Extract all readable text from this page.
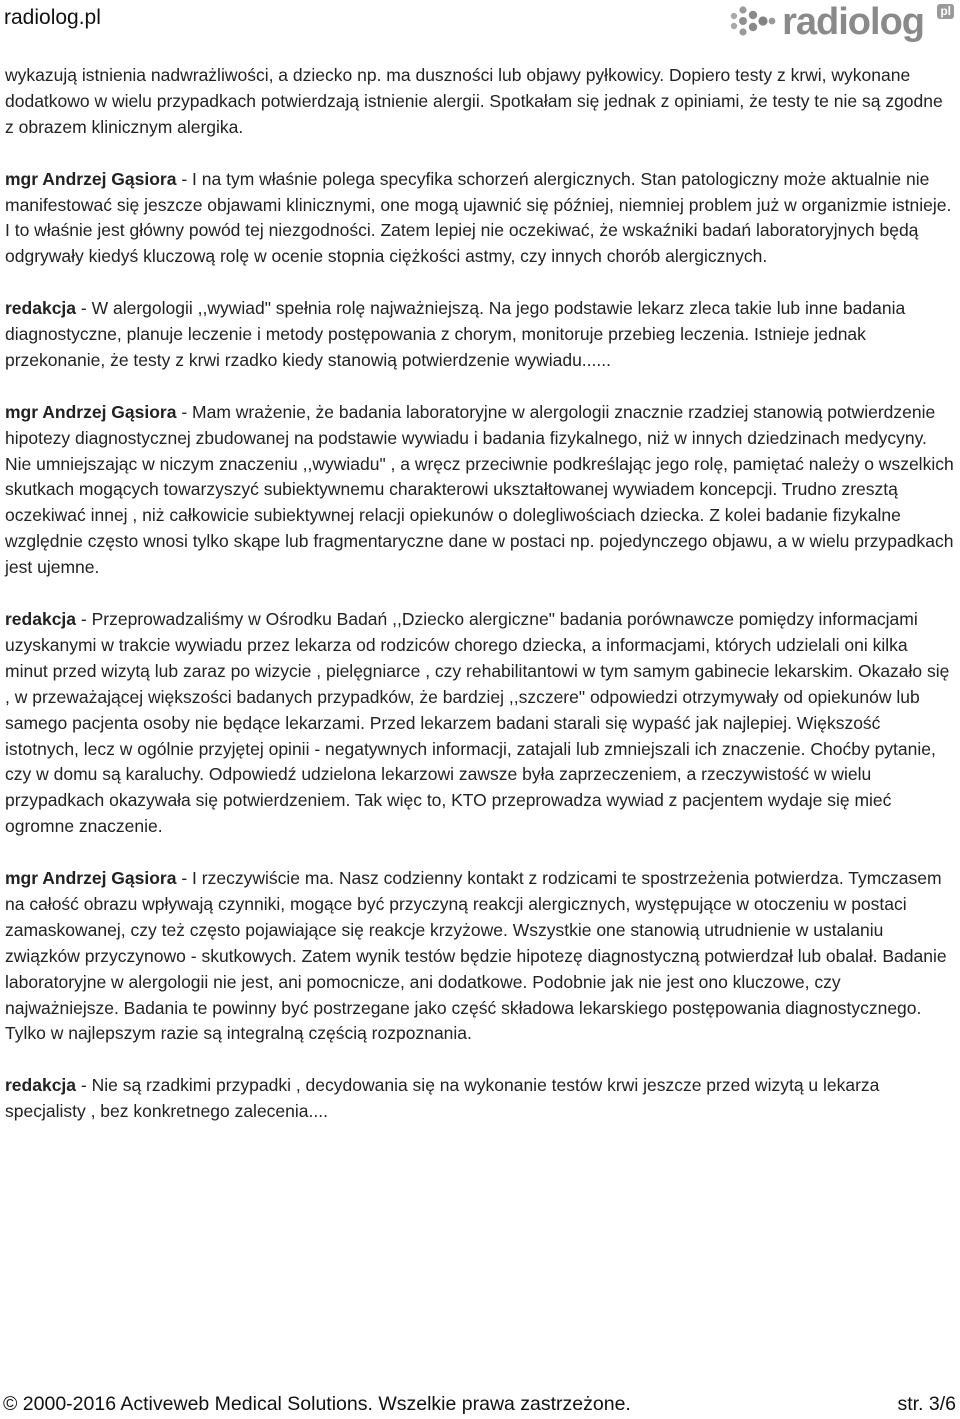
radiolog.pl	radiolog pl

wykazują istnienia nadwrażliwości, a dziecko np. ma duszności lub objawy pyłkowicy. Dopiero testy z krwi, wykonane dodatkowo w wielu przypadkach potwierdzają istnienie alergii. Spotkałam się jednak z opiniami, że testy te nie są zgodne z obrazem klinicznym alergika.

mgr Andrzej Gąsiora - I na tym właśnie polega specyfika schorzeń alergicznych. Stan patologiczny może aktualnie nie manifestować się jeszcze objawami klinicznymi, one mogą ujawnić się później, niemniej problem już w organizmie istnieje. I to właśnie jest główny powód tej niezgodności. Zatem lepiej nie oczekiwać, że wskaźniki badań laboratoryjnych będą odgrywały kiedyś kluczową rolę w ocenie stopnia ciężkości astmy, czy innych chorób alergicznych.

redakcja - W alergologii ,,wywiad" spełnia rolę najważniejszą. Na jego podstawie lekarz zleca takie lub inne badania diagnostyczne, planuje leczenie i metody postępowania z chorym, monitoruje przebieg leczenia. Istnieje jednak przekonanie, że testy z krwi rzadko kiedy stanowią potwierdzenie wywiadu......

mgr Andrzej Gąsiora - Mam wrażenie, że badania laboratoryjne w alergologii znacznie rzadziej stanowią potwierdzenie hipotezy diagnostycznej zbudowanej na podstawie wywiadu i badania fizykalnego, niż w innych dziedzinach medycyny. Nie umniejszając w niczym znaczeniu ,,wywiadu" , a wręcz przeciwnie podkreślając jego rolę, pamiętać należy o wszelkich skutkach mogących towarzyszyć subiektywnemu charakterowi ukształtowanej wywiadem koncepcji. Trudno zresztą oczekiwać innej , niż całkowicie subiektywnej relacji opiekunów o dolegliwościach dziecka. Z kolei badanie fizykalne względnie często wnosi tylko skąpe lub fragmentaryczne dane w postaci np. pojedynczego objawu, a w wielu przypadkach jest ujemne.

redakcja - Przeprowadzaliśmy w Ośrodku Badań ,,Dziecko alergiczne" badania porównawcze pomiędzy informacjami uzyskanymi w trakcie wywiadu przez lekarza od rodziców chorego dziecka, a informacjami, których udzielali oni kilka minut przed wizytą lub zaraz po wizycie , pielęgniarce , czy rehabilitantowi w tym samym gabinecie lekarskim. Okazało się , w przeważającej większości badanych przypadków, że bardziej ,,szczere" odpowiedzi otrzymywały od opiekunów lub samego pacjenta osoby nie będące lekarzami. Przed lekarzem badani starali się wypaść jak najlepiej. Większość istotnych, lecz w ogólnie przyjętej opinii - negatywnych informacji, zatajali lub zmniejszali ich znaczenie. Choćby pytanie, czy w domu są karaluchy. Odpowiedź udzielona lekarzowi zawsze była zaprzeczeniem, a rzeczywistość w wielu przypadkach okazywała się potwierdzeniem. Tak więc to, KTO przeprowadza wywiad z pacjentem wydaje się mieć ogromne znaczenie.

mgr Andrzej Gąsiora - I rzeczywiście ma. Nasz codzienny kontakt z rodzicami te spostrzeżenia potwierdza. Tymczasem na całość obrazu wpływają czynniki, mogące być przyczyną reakcji alergicznych, występujące w otoczeniu w postaci zamaskowanej, czy też często pojawiające się reakcje krzyżowe. Wszystkie one stanowią utrudnienie w ustalaniu związków przyczynowo - skutkowych. Zatem wynik testów będzie hipotezę diagnostyczną potwierdzał lub obalał. Badanie laboratoryjne w alergologii nie jest, ani pomocnicze, ani dodatkowe. Podobnie jak nie jest ono kluczowe, czy najważniejsze. Badania te powinny być postrzegane jako część składowa lekarskiego postępowania diagnostycznego. Tylko w najlepszym razie są integralną częścią rozpoznania.

redakcja - Nie są rzadkimi przypadki , decydowania się na wykonanie testów krwi jeszcze przed wizytą u lekarza specjalisty , bez konkretnego zalecenia....

© 2000-2016 Activeweb Medical Solutions. Wszelkie prawa zastrzeżone.	str. 3/6
